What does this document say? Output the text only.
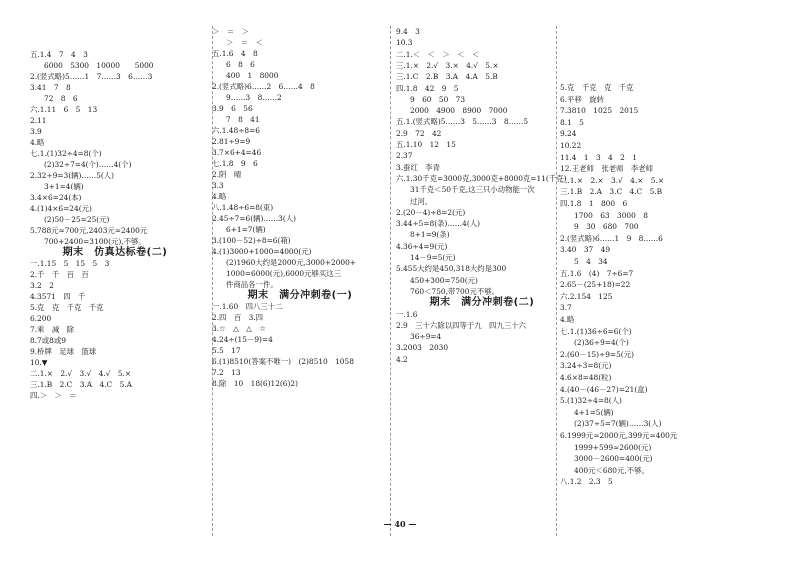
五.1.4　7　4　3
6000　5300　10000　　5000
2.(竖式略)5……1　7……3　6……3
3.41　7　8
72　8　6
六.1.11　6　5　13
2.11
3.9
4.略
七.1.(1)32÷4=8(个)
(2)32÷7=4(个)……4(个)
2.32÷9=3(辆)……5(人)
3+1=4(辆)
3.4×6=24(本)
4.(1)4×6=24(元)
(2)50－25=25(元)
5.788元≈700元,2403元≈2400元
700+2400=3100(元),不够。
期末　仿真达标卷(二)
一.1.15　5　15　5　3
2.千　千　百　百
3.2　2
4.3571　四　千
5.克　克　千克　千克
6.200
7.乘　减　除
8.7或8或9
9.桥牌　足球　篮球
10.▼
二.1.×　2.√　3.√　4.√　5.×
三.1.B　2.C　3.A　4.C　5.A
四.＞　＞　＝
＞　＝　＞
＞　＝　＜
五.1.6　4　8
6　8　6
400　1　8000
2.(竖式略)6……2　6……4　8
9……3　8……2
3.9　6　56
7　8　41
六.1.48÷8=6
2.81÷9=9
3.7×6+4=46
七.1.8　9　6
2.阴　晴
3.3
4.略
八.1.48÷6=8(束)
2.45÷7=6(辆)……3(人)
6+1=7(辆)
3.(100－52)÷8=6(箱)
4.(1)3000+1000=4000(元)
(2)1960大约是2000元,3000+2000+
1000=6000(元),6000元够买这三
件商品各一件。
期末　满分冲刺卷(一)
一.1.60　四八三十二
2.四　百　3.四
3.☆　△　△　☆
4.24÷(15－9)=4
5.5　17
6.(1)8510(答案不唯一)　(2)8510　1058
7.2　13
8.除　10　18(6)12(6)2)
9.4　3
10.3
二.1.＜　＜　＞　＜　＜
三.1.×　2.√　3.×　4.√　5.×
三.1.C　2.B　3.A　4.A　5.B
四.1.8　42　9　5
9　60　50　73
2000　4900　8900　7000
五.1.(竖式略)5……3　5……3　8……5
2.9　72　42
五.1.10　12　15
2.37
3.蚕红　李青
六.1.30千克=3000克,3000克+8000克=11(千克)
31千克＜50千克,这三只小动物能一次
过河。
2.(20－4)÷8=2(元)
3.44÷5=8(条)……4(人)
8+1=9(条)
4.36÷4=9(元)
14－9=5(元)
5.455大约是450,318大约是300
450+300=750(元)
760＜750,带700元不够。
期末　满分冲刺卷(二)
一.1.6
2.9　三十六除以四等于九　四九三十六
36÷9=4
3.2003　2030
4.2
5.克　千克　克　千克
6.平移　旋转
7.3810　1025　2015
8.1　5
9.24
10.22
11.4　1　3　4　2　1
12.王老师　张老师　李老师
二.1.×　2.×　3.√　4.×　5.×
三.1.B　2.A　3.C　4.C　5.B
四.1.8　1　800　6
1700　63　3000　8
9　30　680　700
2.(竖式略)6……1　9　8……6
3.40　37　49
5　4　34
五.1.6　(4)　7÷6=7
2.65－(25+18)=22
六.2.154　125
3.7
4.略
七.1.(1)36÷6=6(个)
(2)36÷9=4(个)
2.(60－15)÷9=5(元)
3.24÷3=8(元)
4.6×8=48(粒)
4.(40－(46－27)=21(盒)
5.(1)32÷4=8(人)
4+1=5(辆)
(2)37÷5=7(辆)……3(人)
6.1999元≈2000元,399元≈400元
1999+599≈2600(元)
3000－2600=400(元)
400元＜680元,不够。
八.1.2　2.3　5
— 40 —
